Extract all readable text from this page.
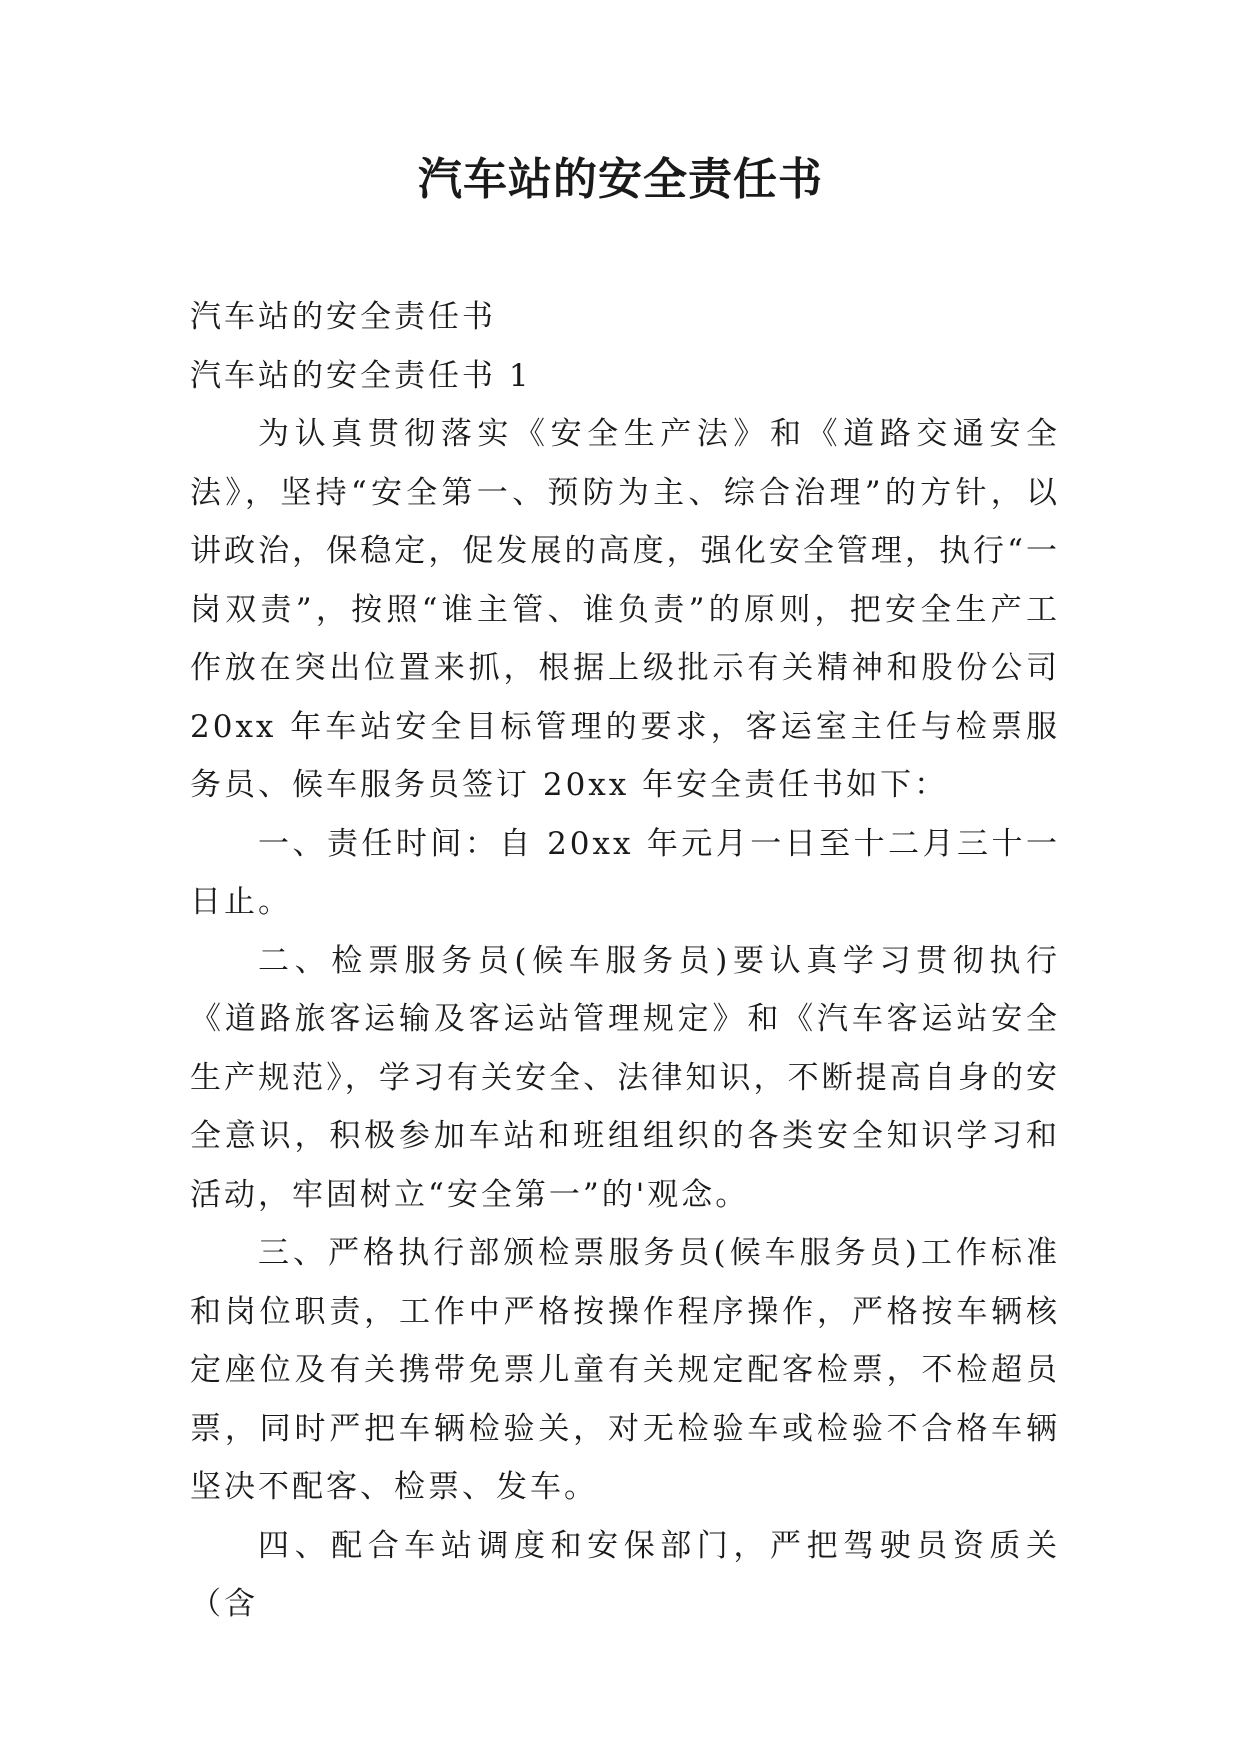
汽车站的安全责任书

汽车站的安全责任书

汽车站的安全责任书 1

为认真贯彻落实《安全生产法》和《道路交通安全法》，坚持“安全第一、预防为主、综合治理”的方针，以讲政治，保稳定，促发展的高度，强化安全管理，执行“一岗双责”，按照“谁主管、谁负责”的原则，把安全生产工作放在突出位置来抓，根据上级批示有关精神和股份公司 20xx 年车站安全目标管理的要求，客运室主任与检票服务员、候车服务员签订 20xx 年安全责任书如下：

一、责任时间：自 20xx 年元月一日至十二月三十一日止。

二、检票服务员(候车服务员)要认真学习贯彻执行《道路旅客运输及客运站管理规定》和《汽车客运站安全生产规范》，学习有关安全、法律知识，不断提高自身的安全意识，积极参加车站和班组组织的各类安全知识学习和活动，牢固树立“安全第一”的'观念。

三、严格执行部颁检票服务员(候车服务员)工作标准和岗位职责，工作中严格按操作程序操作，严格按车辆核定座位及有关携带免票儿童有关规定配客检票，不检超员票，同时严把车辆检验关，对无检验车或检验不合格车辆坚决不配客、检票、发车。

四、配合车站调度和安保部门，严把驾驶员资质关（含
